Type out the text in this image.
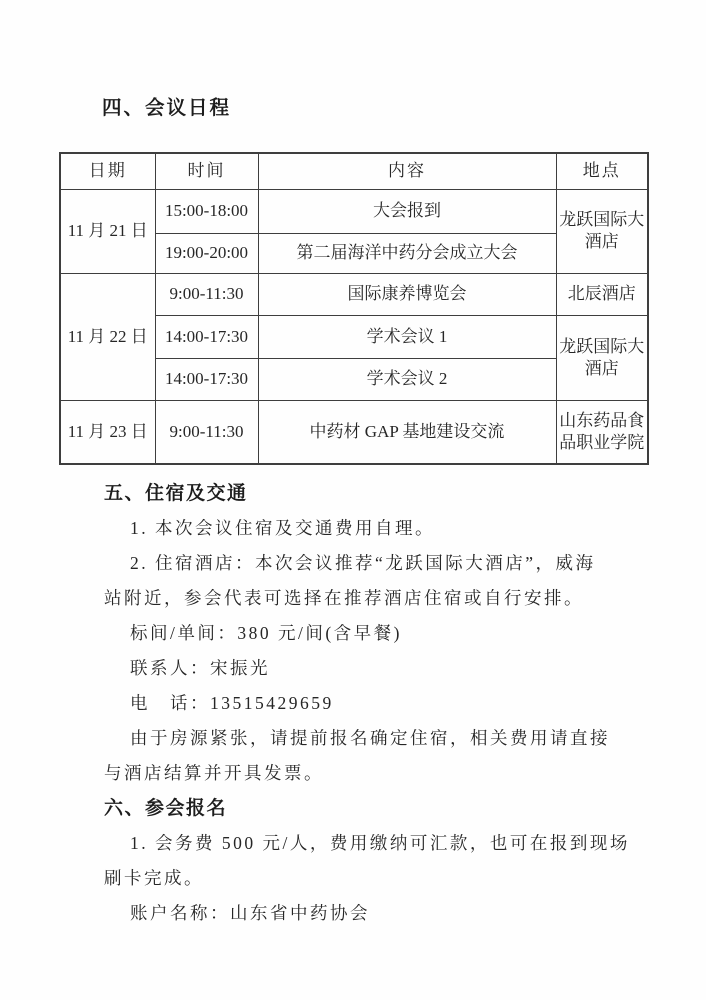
四、会议日程
日期	时间	内容	地点
11 月 21 日	15:00-18:00	大会报到	龙跃国际大酒店
	19:00-20:00	第二届海洋中药分会成立大会	
11 月 22 日	9:00-11:30	国际康养博览会	北辰酒店
	14:00-17:30	学术会议 1	龙跃国际大酒店
	14:00-17:30	学术会议 2	
11 月 23 日	9:00-11:30	中药材 GAP 基地建设交流	山东药品食品职业学院
五、住宿及交通
1. 本次会议住宿及交通费用自理。
2. 住宿酒店：本次会议推荐“龙跃国际大酒店”，威海
站附近，参会代表可选择在推荐酒店住宿或自行安排。
标间/单间：380 元/间(含早餐)
联系人：宋振光
电　话：13515429659
由于房源紧张，请提前报名确定住宿，相关费用请直接
与酒店结算并开具发票。
六、参会报名
1. 会务费 500 元/人，费用缴纳可汇款，也可在报到现场
刷卡完成。
账户名称：山东省中药协会
